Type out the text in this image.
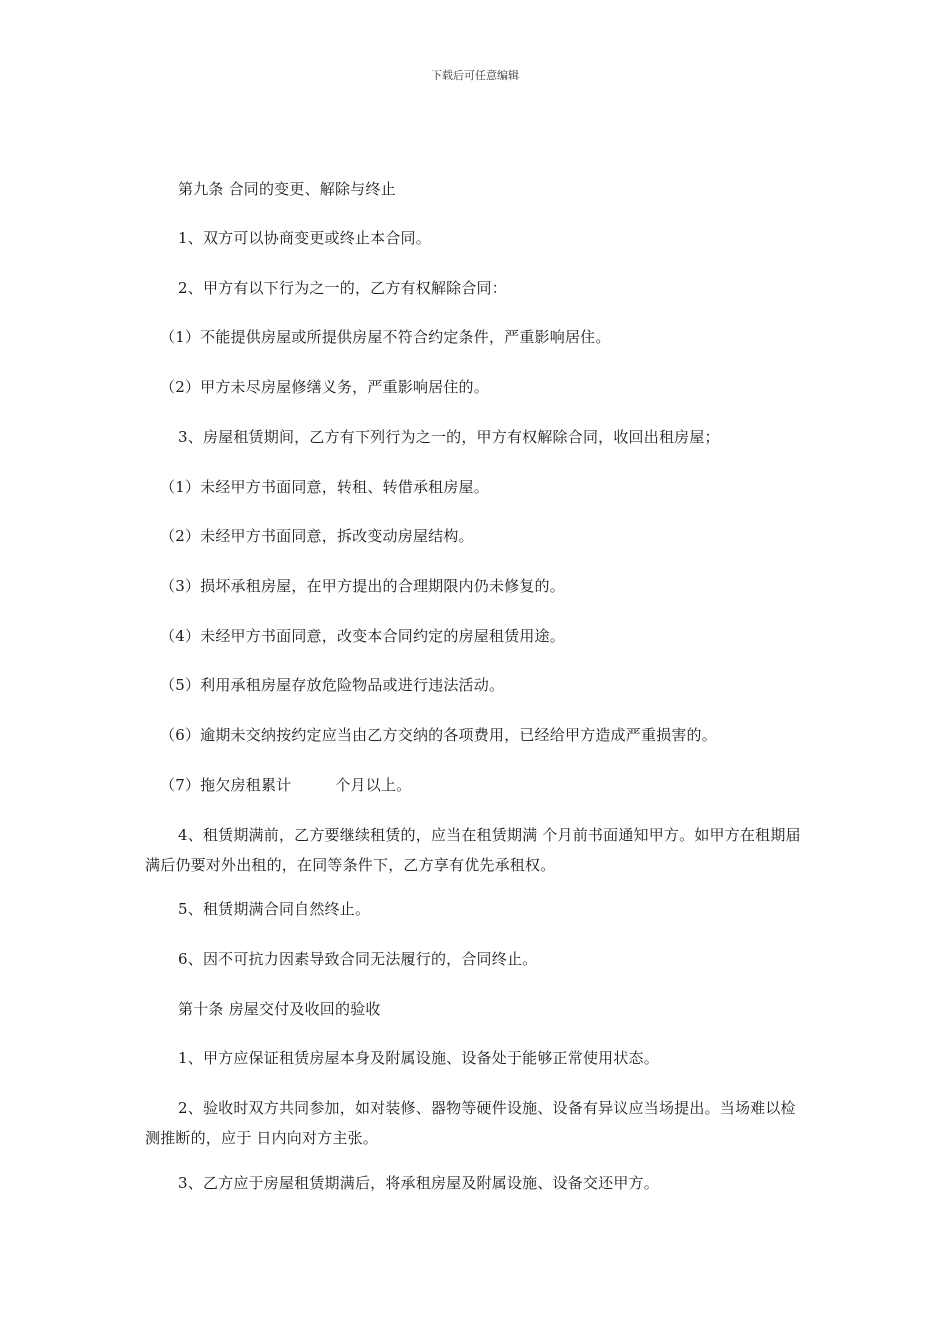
下载后可任意编辑
第九条 合同的变更、解除与终止
1、双方可以协商变更或终止本合同。
2、甲方有以下行为之一的，乙方有权解除合同：
（1）不能提供房屋或所提供房屋不符合约定条件，严重影响居住。
（2）甲方未尽房屋修缮义务，严重影响居住的。
3、房屋租赁期间，乙方有下列行为之一的，甲方有权解除合同，收回出租房屋；
（1）未经甲方书面同意，转租、转借承租房屋。
（2）未经甲方书面同意，拆改变动房屋结构。
（3）损坏承租房屋，在甲方提出的合理期限内仍未修复的。
（4）未经甲方书面同意，改变本合同约定的房屋租赁用途。
（5）利用承租房屋存放危险物品或进行违法活动。
（6）逾期未交纳按约定应当由乙方交纳的各项费用，已经给甲方造成严重损害的。
（7）拖欠房租累计	个月以上。
4、租赁期满前，乙方要继续租赁的，应当在租赁期满 个月前书面通知甲方。如甲方在租期届满后仍要对外出租的，在同等条件下，乙方享有优先承租权。
5、租赁期满合同自然终止。
6、因不可抗力因素导致合同无法履行的，合同终止。
第十条 房屋交付及收回的验收
1、甲方应保证租赁房屋本身及附属设施、设备处于能够正常使用状态。
2、验收时双方共同参加，如对装修、器物等硬件设施、设备有异议应当场提出。当场难以检测推断的，应于 日内向对方主张。
3、乙方应于房屋租赁期满后，将承租房屋及附属设施、设备交还甲方。
